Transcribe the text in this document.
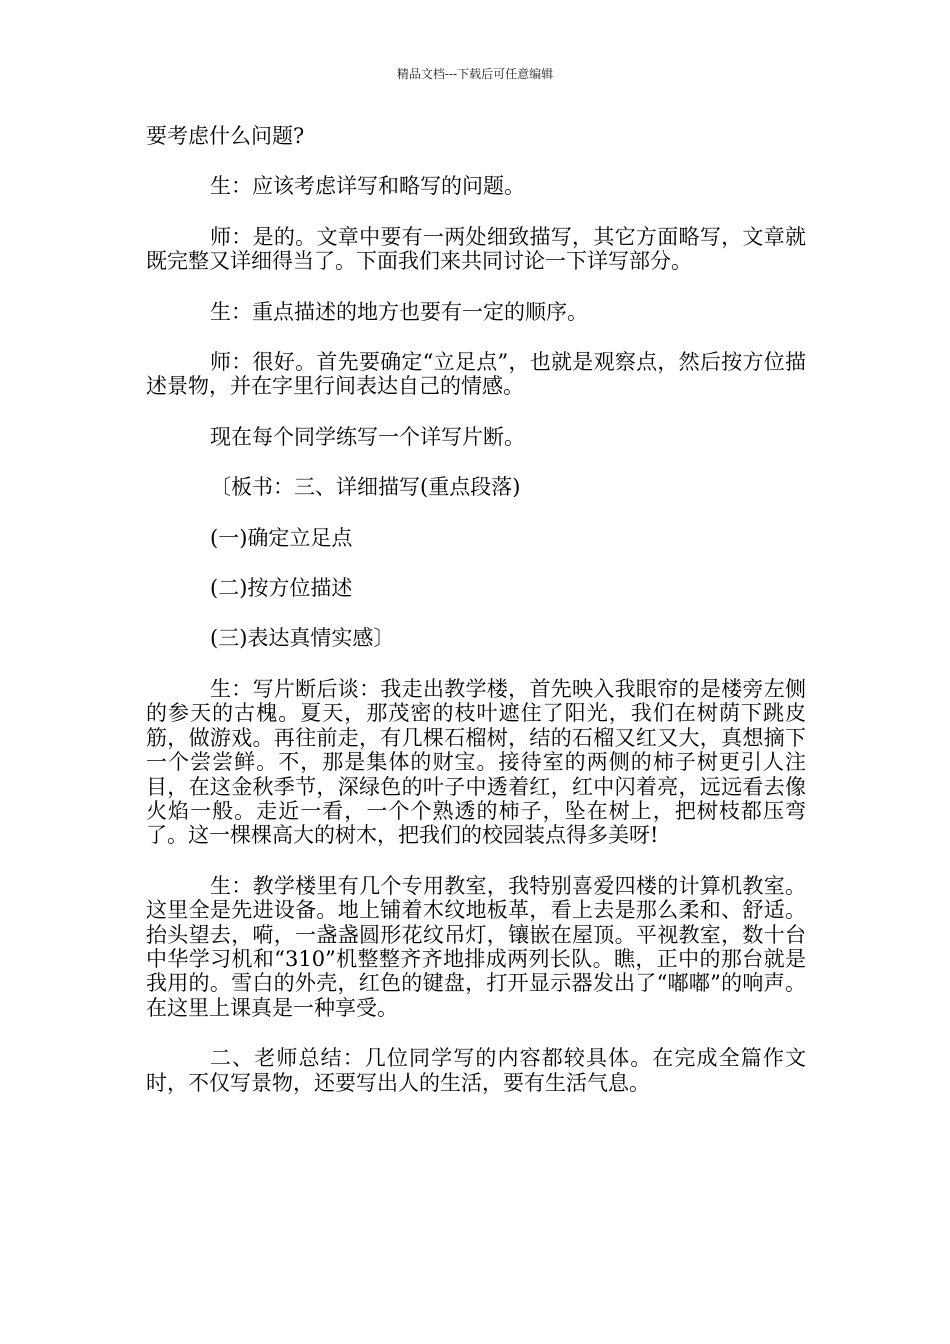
精品文档---下载后可任意编辑

要考虑什么问题?

生：应该考虑详写和略写的问题。

师：是的。文章中要有一两处细致描写，其它方面略写，文章就既完整又详细得当了。下面我们来共同讨论一下详写部分。

生：重点描述的地方也要有一定的顺序。

师：很好。首先要确定“立足点”，也就是观察点，然后按方位描述景物，并在字里行间表达自己的情感。

现在每个同学练写一个详写片断。

〔板书：三、详细描写(重点段落)

(一)确定立足点

(二)按方位描述

(三)表达真情实感〕

生：写片断后谈：我走出教学楼，首先映入我眼帘的是楼旁左侧的参天的古槐。夏天，那茂密的枝叶遮住了阳光，我们在树荫下跳皮筋，做游戏。再往前走，有几棵石榴树，结的石榴又红又大，真想摘下一个尝尝鲜。不，那是集体的财宝。接待室的两侧的柿子树更引人注目，在这金秋季节，深绿色的叶子中透着红，红中闪着亮，远远看去像火焰一般。走近一看，一个个熟透的柿子，坠在树上，把树枝都压弯了。这一棵棵高大的树木，把我们的校园装点得多美呀!

生：教学楼里有几个专用教室，我特别喜爱四楼的计算机教室。这里全是先进设备。地上铺着木纹地板革，看上去是那么柔和、舒适。抬头望去，嗬，一盏盏圆形花纹吊灯，镶嵌在屋顶。平视教室，数十台中华学习机和“310”机整整齐齐地排成两列长队。瞧，正中的那台就是我用的。雪白的外壳，红色的键盘，打开显示器发出了“嘟嘟”的响声。在这里上课真是一种享受。

二、老师总结：几位同学写的内容都较具体。在完成全篇作文时，不仅写景物，还要写出人的生活，要有生活气息。
